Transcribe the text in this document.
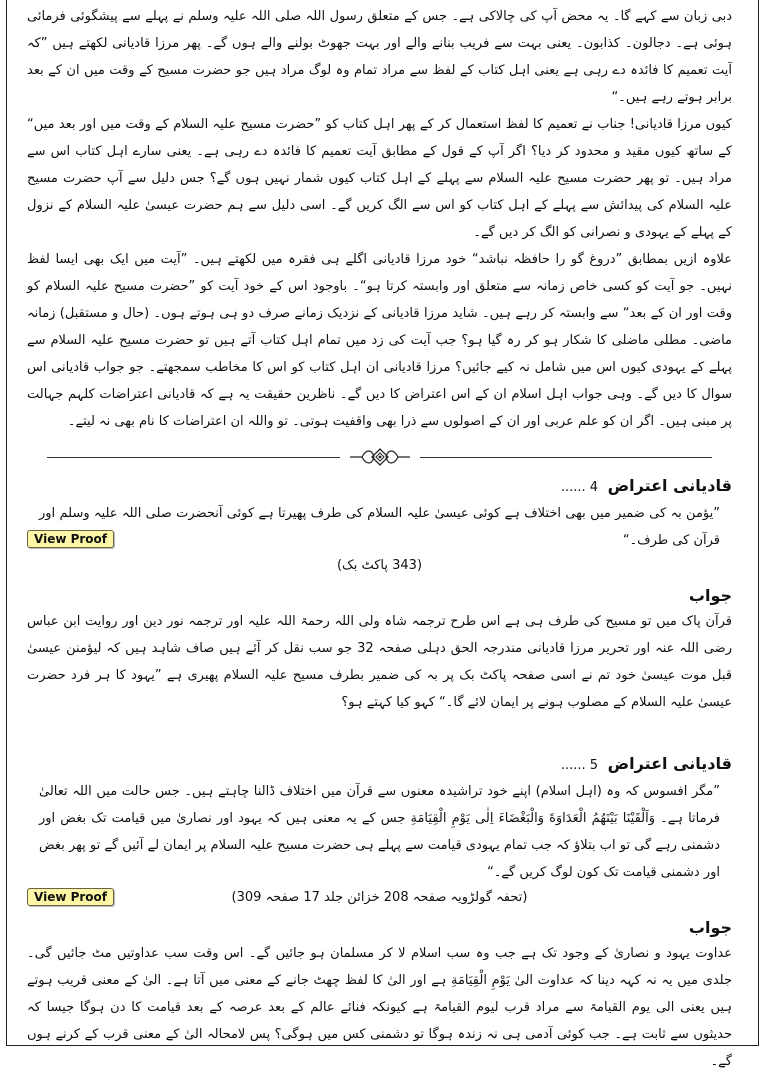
دبی زبان سے کہے گا۔ یہ محض آپ کی چالاکی ہے۔ جس کے متعلق رسول اللہ صلی اللہ علیہ وسلم نے پہلے سے پیشگوئی فرمائی ہوئی ہے۔ دجالون۔ کذابون۔ یعنی بہت سے فریب بنانے والے اور بہت جھوٹ بولنے والے ہوں گے۔ پھر مرزا قادیانی لکھتے ہیں ”کہ آیت تعمیم کا فائدہ دے رہی ہے یعنی اہل کتاب کے لفظ سے مراد تمام وہ لوگ مراد ہیں جو حضرت مسیح کے وقت میں ان کے بعد برابر ہوتے رہے ہیں۔“

کیوں مرزا قادیانی! جناب نے تعمیم کا لفظ استعمال کر کے پھر اہل کتاب کو ”حضرت مسیح علیہ السلام کے وقت میں اور بعد میں“ کے ساتھ کیوں مقید و محدود کر دیا؟ اگر آپ کے قول کے مطابق آیت تعمیم کا فائدہ دے رہی ہے۔ یعنی سارے اہل کتاب اس سے مراد ہیں۔ تو پھر حضرت مسیح علیہ السلام سے پہلے کے اہل کتاب کیوں شمار نہیں ہوں گے؟ جس دلیل سے آپ حضرت مسیح علیہ السلام کی پیدائش سے پہلے کے اہل کتاب کو اس سے الگ کریں گے۔ اسی دلیل سے ہم حضرت عیسیٰ علیہ السلام کے نزول کے پہلے کے یہودی و نصرانی کو الگ کر دیں گے۔

علاوہ ازیں بمطابق ”دروغ گو را حافظہ نباشد“ خود مرزا قادیانی اگلے ہی فقرہ میں لکھتے ہیں۔ ”آیت میں ایک بھی ایسا لفظ نہیں۔ جو آیت کو کسی خاص زمانہ سے متعلق اور وابستہ کرتا ہو“۔ باوجود اس کے خود آیت کو ”حضرت مسیح علیہ السلام کو وقت اور ان کے بعد“ سے وابستہ کر رہے ہیں۔ شاید مرزا قادیانی کے نزدیک زمانے صرف دو ہی ہوتے ہوں۔ (حال و مستقبل) زمانہ ماضی۔ مطلی ماضلی کا شکار ہو کر رہ گیا ہو؟ جب آیت کی زد میں تمام اہل کتاب آتے ہیں تو حضرت مسیح علیہ السلام سے پہلے کے یہودی کیوں اس میں شامل نہ کیے جائیں؟ مرزا قادیانی ان اہل کتاب کو اس کا مخاطب سمجھتے۔ جو جواب قادیانی اس سوال کا دیں گے۔ وہی جواب اہل اسلام ان کے اس اعتراض کا دیں گے۔ ناظرین حقیقت یہ ہے کہ قادیانی اعتراضات کلہم جہالت پر مبنی ہیں۔ اگر ان کو علم عربی اور ان کے اصولوں سے ذرا بھی واقفیت ہوتی۔ تو واللہ ان اعتراضات کا نام بھی نہ لیتے۔

قادیانی اعتراض 4 ......

”یؤمن بہ کی ضمیر میں بھی اختلاف ہے کوئی عیسیٰ علیہ السلام کی طرف پھیرتا ہے کوئی آنحضرت صلی اللہ علیہ وسلم اور قرآن کی طرف۔“

(343 پاکٹ بک)

View Proof
جواب

قرآن پاک میں تو مسیح کی طرف ہی ہے اس طرح ترجمہ شاہ ولی اللہ رحمۃ اللہ علیہ اور ترجمہ نور دین اور روایت ابن عباس رضی اللہ عنہ اور تحریر مرزا قادیانی مندرجہ الحق دہلی صفحہ 32 جو سب نقل کر آئے ہیں صاف شاہد ہیں کہ لیؤمنن عیسیٰ قبل موت عیسیٰ خود تم نے اسی صفحہ پاکٹ بک پر بہ کی ضمیر بطرف مسیح علیہ السلام پھیری ہے ”یہود کا ہر فرد حضرت عیسیٰ علیہ السلام کے مصلوب ہونے پر ایمان لائے گا۔“ کہو کیا کہتے ہو؟

قادیانی اعتراض 5 ......

”مگر افسوس کہ وہ (اہل اسلام) اپنے خود تراشیدہ معنوں سے قرآن میں اختلاف ڈالنا چاہتے ہیں۔ جس حالت میں اللہ تعالیٰ فرماتا ہے۔ وَاَلْقَیْنَا بَیْنَهُمُ الْعَدَاوَةَ وَالْبَغْضَاءَ اِلٰی یَوْمِ الْقِیَامَةِ جس کے یہ معنی ہیں کہ یہود اور نصاریٰ میں قیامت تک بغض اور دشمنی رہے گی تو اب بتلاؤ کہ جب تمام یہودی قیامت سے پہلے ہی حضرت مسیح علیہ السلام پر ایمان لے آئیں گے تو پھر بغض اور دشمنی قیامت تک کون لوگ کریں گے۔“

(تحفہ گولڑویہ صفحہ 208 خزائن جلد 17 صفحہ 309)

View Proof
جواب

عداوت یہود و نصاریٰ کے وجود تک ہے جب وہ سب اسلام لا کر مسلمان ہو جائیں گے۔ اس وقت سب عداوتیں مٹ جائیں گی۔ جلدی میں یہ نہ کہہ دینا کہ عداوت الیٰ یَوْمِ الْقِیَامَةِ ہے اور الیٰ کا لفظ چھٹ جانے کے معنی میں آتا ہے۔ الیٰ کے معنی قریب ہوتے ہیں یعنی الی یوم القیامۃ سے مراد قرب لیوم القیامۃ ہے کیونکہ فنائے عالم کے بعد عرصہ کے بعد قیامت کا دن ہوگا جیسا کہ حدیثوں سے ثابت ہے۔ جب کوئی آدمی ہی نہ زندہ ہوگا تو دشمنی کس میں ہوگی؟ پس لامحالہ الیٰ کے معنی قرب کے کرنے ہوں گے۔
